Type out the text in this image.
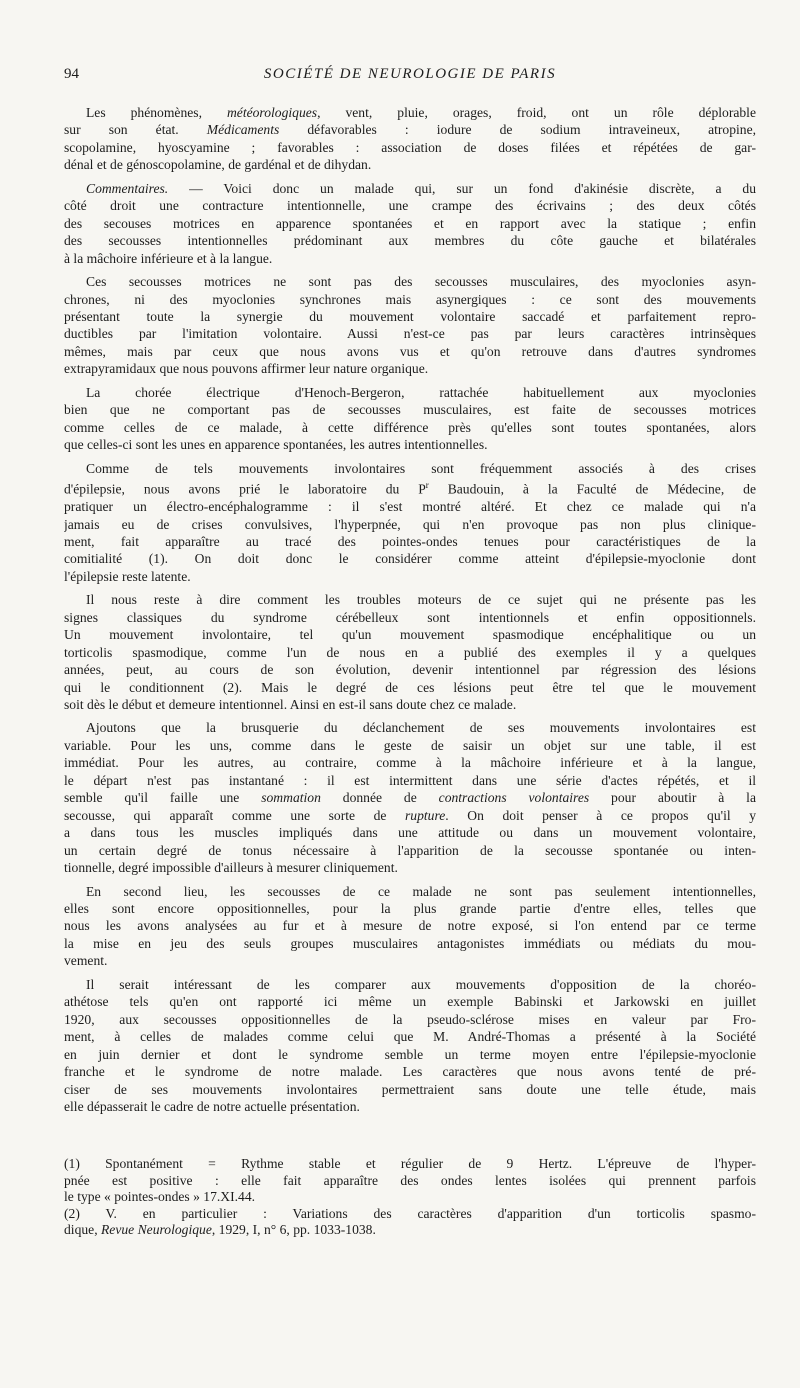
94	SOCIÉTÉ DE NEUROLOGIE DE PARIS
Les phénomènes, météorologiques, vent, pluie, orages, froid, ont un rôle déplorable
sur son état. Médicaments défavorables : iodure de sodium intraveineux, atropine,
scopolamine, hyoscyamine ; favorables : association de doses filées et répétées de gar-
dénal et de génoscopolamine, de gardénal et de dihydan.
Commentaires. — Voici donc un malade qui, sur un fond d'akinésie discrète, a du
côté droit une contracture intentionnelle, une crampe des écrivains ; des deux côtés
des secouses motrices en apparence spontanées et en rapport avec la statique ; enfin
des secousses intentionnelles prédominant aux membres du côte gauche et bilatérales
à la mâchoire inférieure et à la langue.
Ces secousses motrices ne sont pas des secousses musculaires, des myoclonies asyn-
chrones, ni des myoclonies synchrones mais asynergiques : ce sont des mouvements
présentant toute la synergie du mouvement volontaire saccadé et parfaitement repro-
ductibles par l'imitation volontaire. Aussi n'est-ce pas par leurs caractères intrinsèques
mêmes, mais par ceux que nous avons vus et qu'on retrouve dans d'autres syndromes
extrapyramidaux que nous pouvons affirmer leur nature organique.
La chorée électrique d'Henoch-Bergeron, rattachée habituellement aux myoclonies
bien que ne comportant pas de secousses musculaires, est faite de secousses motrices
comme celles de ce malade, à cette différence près qu'elles sont toutes spontanées, alors
que celles-ci sont les unes en apparence spontanées, les autres intentionnelles.
Comme de tels mouvements involontaires sont fréquemment associés à des crises
d'épilepsie, nous avons prié le laboratoire du $P^r$ Baudouin, à la Faculté de Médecine, de
pratiquer un électro-encéphalogramme : il s'est montré altéré. Et chez ce malade qui n'a
jamais eu de crises convulsives, l'hyperpnée, qui n'en provoque pas non plus clinique-
ment, fait apparaître au tracé des pointes-ondes tenues pour caractéristiques de la
comitialité (1). On doit donc le considérer comme atteint d'épilepsie-myoclonie dont
l'épilepsie reste latente.
Il nous reste à dire comment les troubles moteurs de ce sujet qui ne présente pas les
signes classiques du syndrome cérébelleux sont intentionnels et enfin oppositionnels.
Un mouvement involontaire, tel qu'un mouvement spasmodique encéphalitique ou un
torticolis spasmodique, comme l'un de nous en a publié des exemples il y a quelques
années, peut, au cours de son évolution, devenir intentionnel par régression des lésions
qui le conditionnent (2). Mais le degré de ces lésions peut être tel que le mouvement
soit dès le début et demeure intentionnel. Ainsi en est-il sans doute chez ce malade.
Ajoutons que la brusquerie du déclanchement de ses mouvements involontaires est
variable. Pour les uns, comme dans le geste de saisir un objet sur une table, il est
immédiat. Pour les autres, au contraire, comme à la mâchoire inférieure et à la langue,
le départ n'est pas instantané : il est intermittent dans une série d'actes répétés, et il
semble qu'il faille une sommation donnée de contractions volontaires pour aboutir à la
secousse, qui apparaît comme une sorte de rupture. On doit penser à ce propos qu'il y
a dans tous les muscles impliqués dans une attitude ou dans un mouvement volontaire,
un certain degré de tonus nécessaire à l'apparition de la secousse spontanée ou inten-
tionnelle, degré impossible d'ailleurs à mesurer cliniquement.
En second lieu, les secousses de ce malade ne sont pas seulement intentionnelles,
elles sont encore oppositionnelles, pour la plus grande partie d'entre elles, telles que
nous les avons analysées au fur et à mesure de notre exposé, si l'on entend par ce terme
la mise en jeu des seuls groupes musculaires antagonistes immédiats ou médiats du mou-
vement.
Il serait intéressant de les comparer aux mouvements d'opposition de la choréo-
athétose tels qu'en ont rapporté ici même un exemple Babinski et Jarkowski en juillet
1920, aux secousses oppositionnelles de la pseudo-sclérose mises en valeur par Fro-
ment, à celles de malades comme celui que M. André-Thomas a présenté à la Société
en juin dernier et dont le syndrome semble un terme moyen entre l'épilepsie-myoclonie
franche et le syndrome de notre malade. Les caractères que nous avons tenté de pré-
ciser de ses mouvements involontaires permettraient sans doute une telle étude, mais
elle dépasserait le cadre de notre actuelle présentation.
(1) Spontanément = Rythme stable et régulier de 9 Hertz. L'épreuve de l'hyper-
pnée est positive : elle fait apparaître des ondes lentes isolées qui prennent parfois
le type « pointes-ondes » 17.XI.44.
(2) V. en particulier : Variations des caractères d'apparition d'un torticolis spasmo-
dique, Revue Neurologique, 1929, I, n° 6, pp. 1033-1038.
